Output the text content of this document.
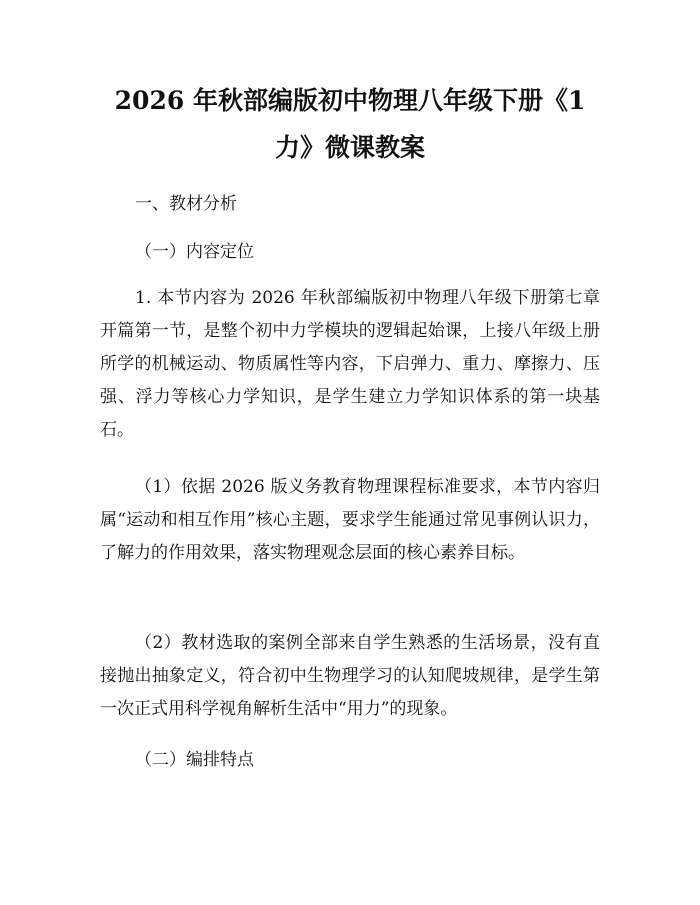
2026 年秋部编版初中物理八年级下册《1
力》微课教案

一、教材分析

（一）内容定位

1. 本节内容为 2026 年秋部编版初中物理八年级下册第七章开篇第一节，是整个初中力学模块的逻辑起始课，上接八年级上册所学的机械运动、物质属性等内容，下启弹力、重力、摩擦力、压强、浮力等核心力学知识，是学生建立力学知识体系的第一块基石。

（1）依据 2026 版义务教育物理课程标准要求，本节内容归属“运动和相互作用”核心主题，要求学生能通过常见事例认识力，了解力的作用效果，落实物理观念层面的核心素养目标。

（2）教材选取的案例全部来自学生熟悉的生活场景，没有直接抛出抽象定义，符合初中生物理学习的认知爬坡规律，是学生第一次正式用科学视角解析生活中“用力”的现象。

（二）编排特点
